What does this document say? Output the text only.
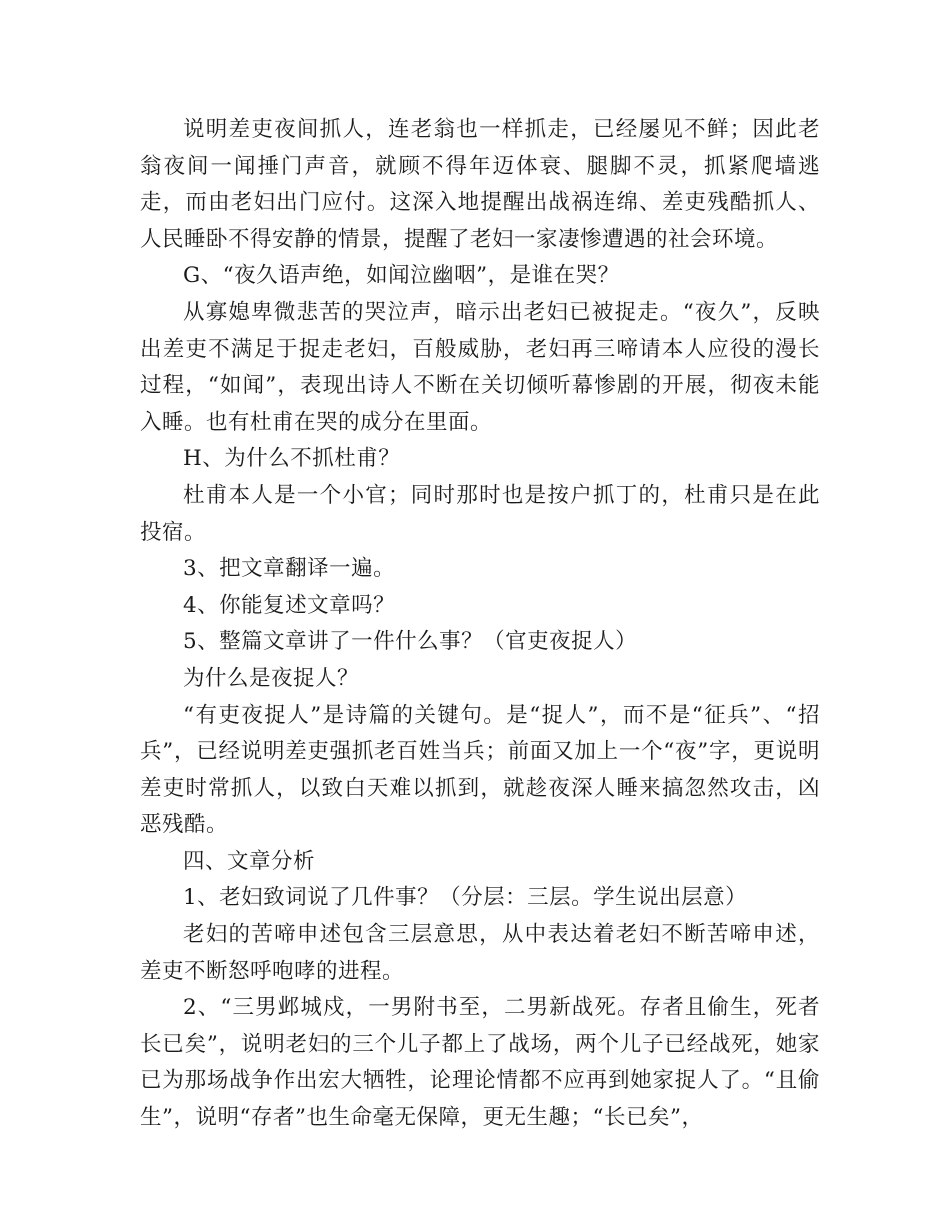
说明差吏夜间抓人，连老翁也一样抓走，已经屡见不鲜；因此老翁夜间一闻捶门声音，就顾不得年迈体衰、腿脚不灵，抓紧爬墙逃走，而由老妇出门应付。这深入地提醒出战祸连绵、差吏残酷抓人、人民睡卧不得安静的情景，提醒了老妇一家凄惨遭遇的社会环境。

G、“夜久语声绝，如闻泣幽咽”，是谁在哭？

从寡媳卑微悲苦的哭泣声，暗示出老妇已被捉走。“夜久”，反映出差吏不满足于捉走老妇，百般威胁，老妇再三啼请本人应役的漫长过程，“如闻”，表现出诗人不断在关切倾听幕惨剧的开展，彻夜未能入睡。也有杜甫在哭的成分在里面。

H、为什么不抓杜甫？

杜甫本人是一个小官；同时那时也是按户抓丁的，杜甫只是在此投宿。

3、把文章翻译一遍。

4、你能复述文章吗？

5、整篇文章讲了一件什么事？（官吏夜捉人）

为什么是夜捉人？

“有吏夜捉人”是诗篇的关键句。是“捉人”，而不是“征兵”、“招兵”，已经说明差吏强抓老百姓当兵；前面又加上一个“夜”字，更说明差吏时常抓人，以致白天难以抓到，就趁夜深人睡来搞忽然攻击，凶恶残酷。

四、文章分析

1、老妇致词说了几件事？（分层：三层。学生说出层意）

老妇的苦啼申述包含三层意思，从中表达着老妇不断苦啼申述，差吏不断怒呼咆哮的进程。

2、“三男邺城戍，一男附书至，二男新战死。存者且偷生，死者长已矣”，说明老妇的三个儿子都上了战场，两个儿子已经战死，她家已为那场战争作出宏大牺牲，论理论情都不应再到她家捉人了。“且偷生”，说明“存者”也生命毫无保障，更无生趣；“长已矣”，
